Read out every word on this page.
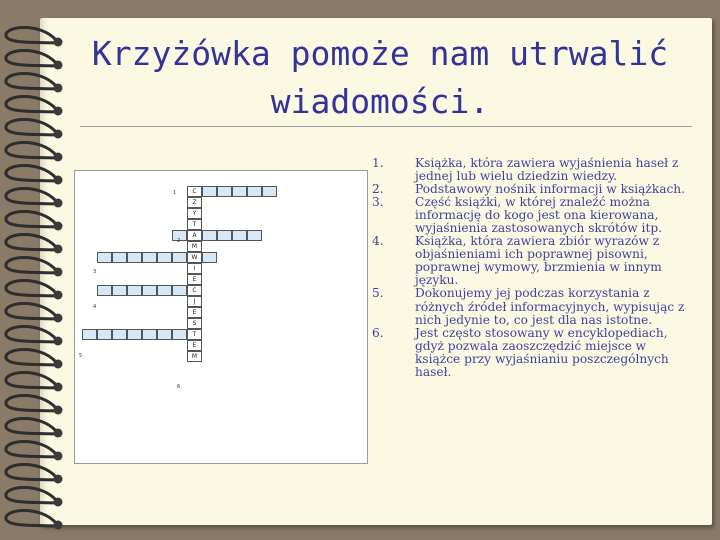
Krzyżówka pomoże nam utrwalić wiadomości.
C
Z
Y
T
A
M
W
I
E
C
J
E
S
T
E
M
1
2
3
4
5
6
1.	Książka, która zawiera wyjaśnienia haseł z jednej lub wielu dziedzin wiedzy.
2.	Podstawowy nośnik informacji w książkach.
3.	Część książki, w której znaleźć można informację do kogo jest ona kierowana, wyjaśnienia zastosowanych skrótów itp.
4.	Książka, która zawiera zbiór wyrazów z objaśnieniami ich poprawnej pisowni, poprawnej wymowy, brzmienia w innym języku.
5.	Dokonujemy jej podczas korzystania z różnych źródeł informacyjnych, wypisując z nich jedynie to, co jest dla nas istotne.
6.	Jest często stosowany w encyklopediach, gdyż pozwala zaoszczędzić miejsce w książce przy wyjaśnianiu poszczególnych haseł.
